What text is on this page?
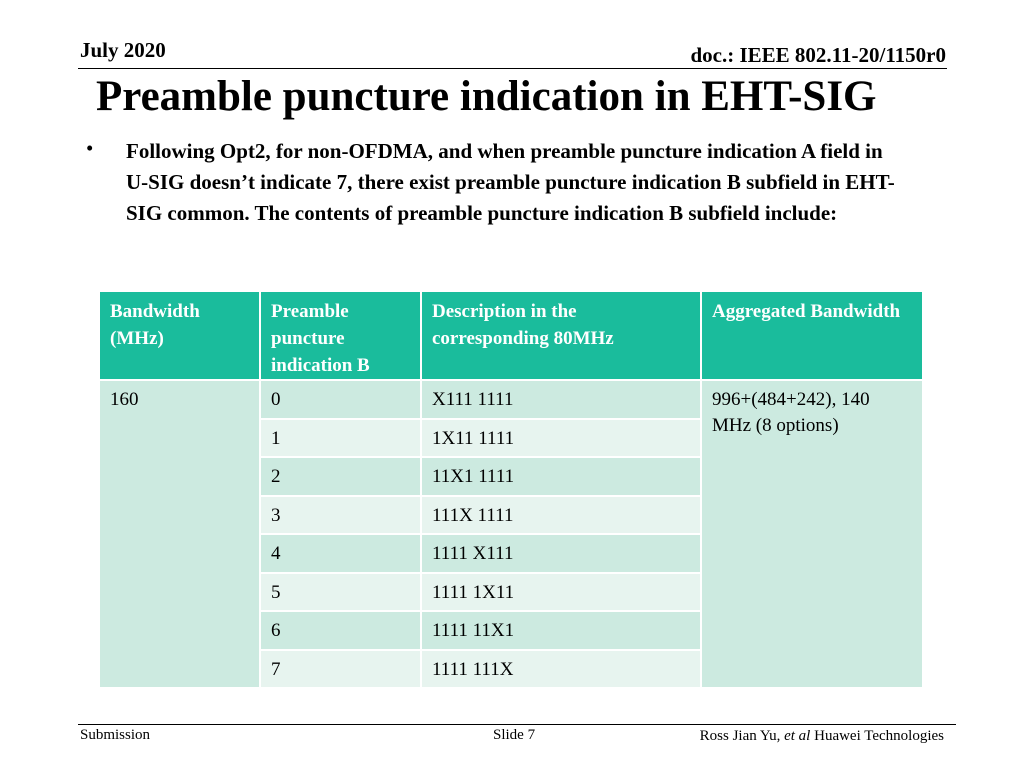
July 2020	doc.: IEEE 802.11-20/1150r0
Preamble puncture indication in EHT-SIG
• Following Opt2, for non-OFDMA, and when preamble puncture indication A field in U-SIG doesn’t indicate 7, there exist preamble puncture indication B subfield in EHT-SIG common. The contents of preamble puncture indication B subfield include:
Bandwidth (MHz)	Preamble puncture indication B	Description in the corresponding 80MHz	Aggregated Bandwidth
160	0	X111 1111	996+(484+242), 140 MHz (8 options)
	1	1X11 1111	
	2	11X1 1111	
	3	111X 1111	
	4	1111 X111	
	5	1111 1X11	
	6	1111 11X1	
	7	1111 111X	
Submission	Slide 7	Ross Jian Yu, et al Huawei Technologies
